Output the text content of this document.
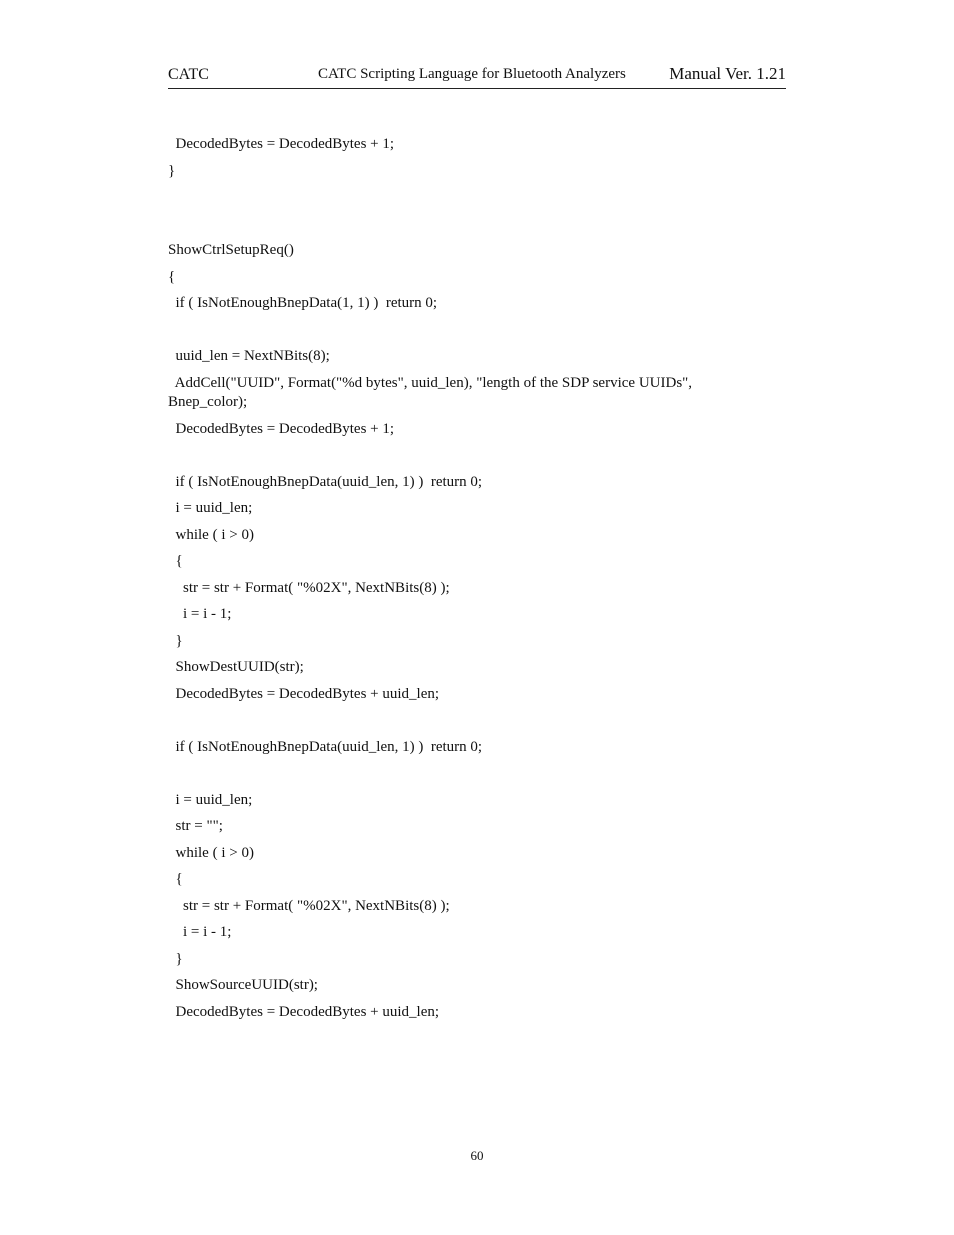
CATC	CATC Scripting Language for Bluetooth Analyzers	Manual Ver. 1.21
DecodedBytes = DecodedBytes + 1;
}

ShowCtrlSetupReq()
{
if ( IsNotEnoughBnepData(1, 1) )  return 0;

uuid_len = NextNBits(8);
AddCell("UUID", Format("%d bytes", uuid_len), "length of the SDP service UUIDs",
Bnep_color);
DecodedBytes = DecodedBytes + 1;

if ( IsNotEnoughBnepData(uuid_len, 1) )  return 0;
i = uuid_len;
while ( i > 0)
{
str = str + Format( "%02X", NextNBits(8) );
i = i - 1;
}
ShowDestUUID(str);
DecodedBytes = DecodedBytes + uuid_len;

if ( IsNotEnoughBnepData(uuid_len, 1) )  return 0;

i = uuid_len;
str = "";
while ( i > 0)
{
str = str + Format( "%02X", NextNBits(8) );
i = i - 1;
}
ShowSourceUUID(str);
DecodedBytes = DecodedBytes + uuid_len;

60
